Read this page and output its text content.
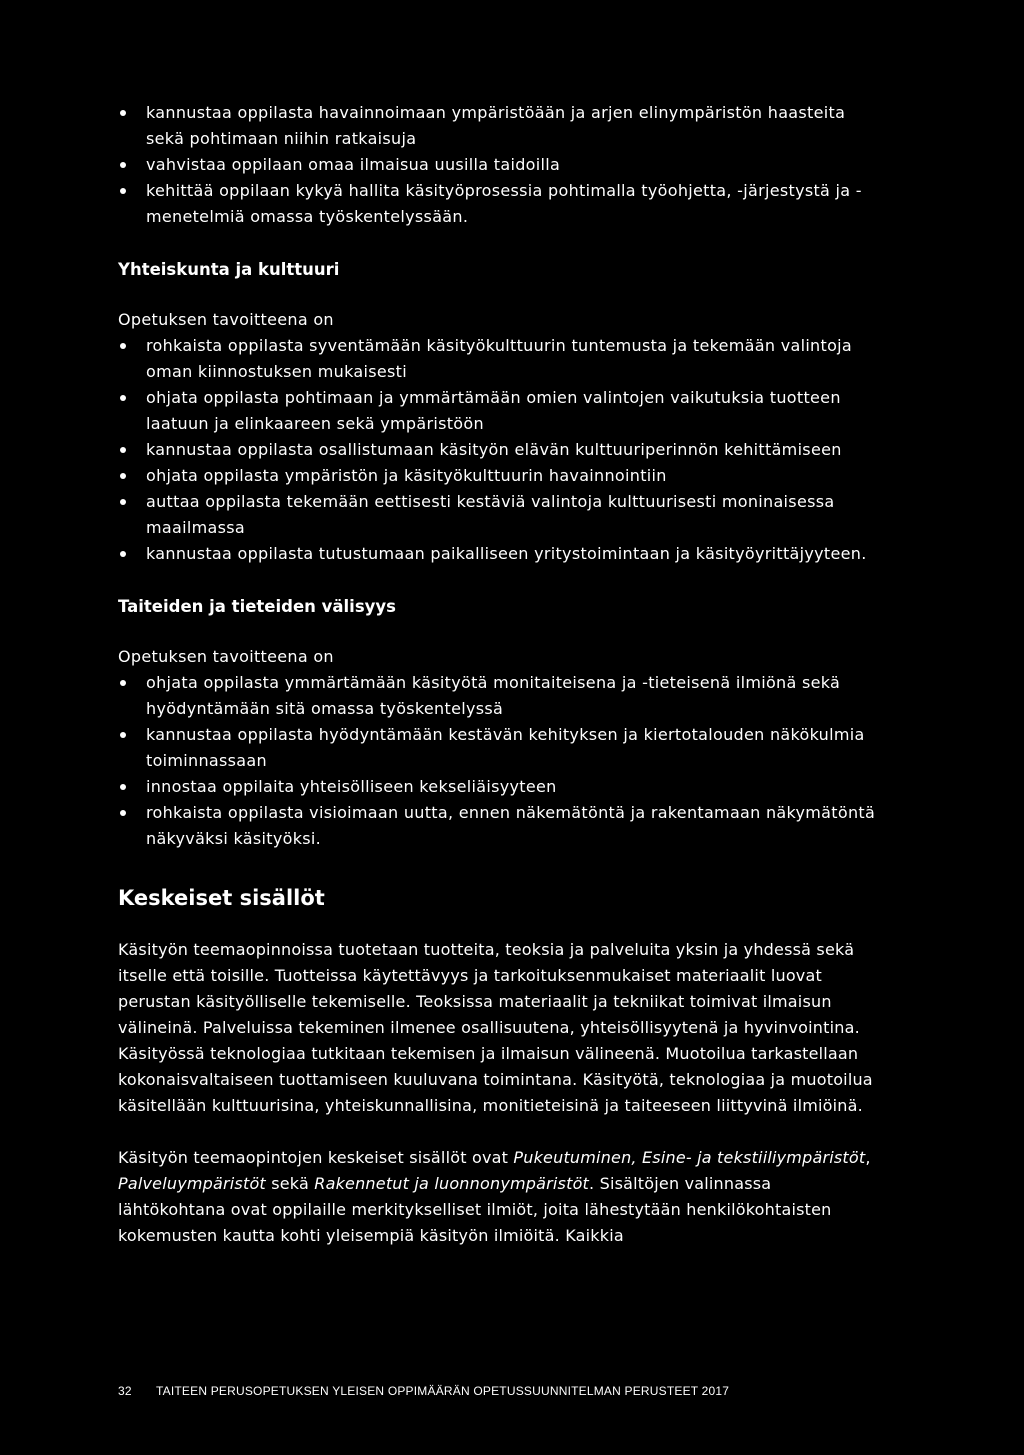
kannustaa oppilasta havainnoimaan ympäristöään ja arjen elinympäristön haasteita sekä pohtimaan niihin ratkaisuja
vahvistaa oppilaan omaa ilmaisua uusilla taidoilla
kehittää oppilaan kykyä hallita käsityöprosessia pohtimalla työohjetta, -järjestystä ja -menetelmiä omassa työskentelyssään.
Yhteiskunta ja kulttuuri

Opetuksen tavoitteena on

rohkaista oppilasta syventämään käsityökulttuurin tuntemusta ja tekemään valintoja oman kiinnostuksen mukaisesti
ohjata oppilasta pohtimaan ja ymmärtämään omien valintojen vaikutuksia tuotteen laatuun ja elinkaareen sekä ympäristöön
kannustaa oppilasta osallistumaan käsityön elävän kulttuuriperinnön kehittämiseen
ohjata oppilasta ympäristön ja käsityökulttuurin havainnointiin
auttaa oppilasta tekemään eettisesti kestäviä valintoja kulttuurisesti moninaisessa maailmassa
kannustaa oppilasta tutustumaan paikalliseen yritystoimintaan ja käsityöyrittäjyyteen.
Taiteiden ja tieteiden välisyys

Opetuksen tavoitteena on

ohjata oppilasta ymmärtämään käsityötä monitaiteisena ja -tieteisenä ilmiönä sekä hyödyntämään sitä omassa työskentelyssä
kannustaa oppilasta hyödyntämään kestävän kehityksen ja kiertotalouden näkökulmia toiminnassaan
innostaa oppilaita yhteisölliseen kekseliäisyyteen
rohkaista oppilasta visioimaan uutta, ennen näkemätöntä ja rakentamaan näkymätöntä näkyväksi käsityöksi.
Keskeiset sisällöt

Käsityön teemaopinnoissa tuotetaan tuotteita, teoksia ja palveluita yksin ja yhdessä sekä itselle että toisille. Tuotteissa käytettävyys ja tarkoituksenmukaiset materiaalit luovat perustan käsityölliselle tekemiselle. Teoksissa materiaalit ja tekniikat toimivat ilmaisun välineinä. Palveluissa tekeminen ilmenee osallisuutena, yhteisöllisyytenä ja hyvinvointina. Käsityössä teknologiaa tutkitaan tekemisen ja ilmaisun välineenä. Muotoilua tarkastellaan kokonaisvaltaiseen tuottamiseen kuuluvana toimintana. Käsityötä, teknologiaa ja muotoilua käsitellään kulttuurisina, yhteiskunnallisina, monitieteisinä ja taiteeseen liittyvinä ilmiöinä.

Käsityön teemaopintojen keskeiset sisällöt ovat Pukeutuminen, Esine- ja tekstiiliympäristöt, Palveluympäristöt sekä Rakennetut ja luonnonympäristöt. Sisältöjen valinnassa lähtökohtana ovat oppilaille merkitykselliset ilmiöt, joita lähestytään henkilökohtaisten kokemusten kautta kohti yleisempiä käsityön ilmiöitä. Kaikkia

32 TAITEEN PERUSOPETUKSEN YLEISEN OPPIMÄÄRÄN OPETUSSUUNNITELMAN PERUSTEET 2017
